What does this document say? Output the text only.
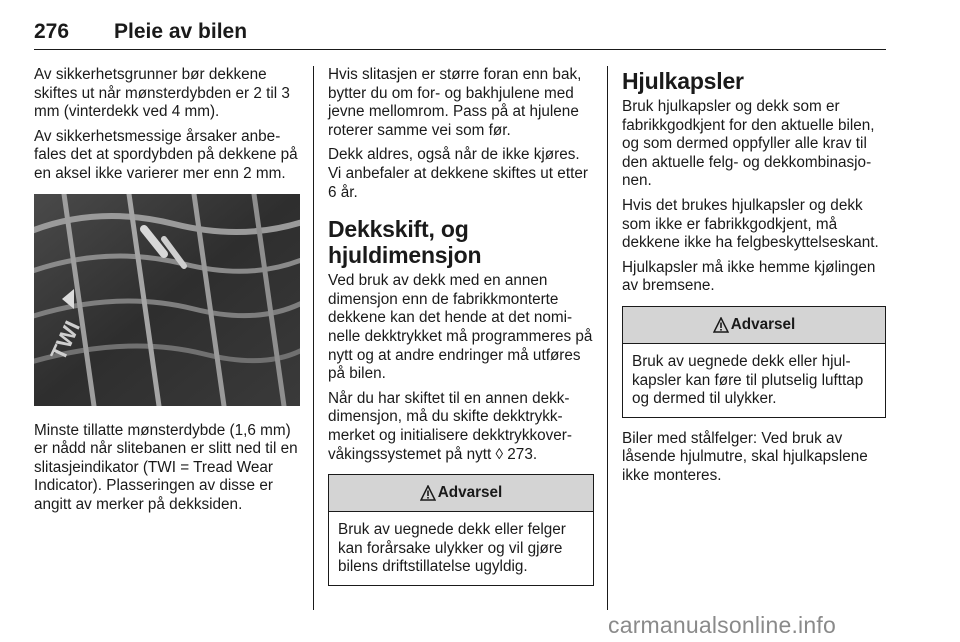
276 Pleie av bilen

Av sikkerhetsgrunner bør dekkene skiftes ut når mønsterdybden er 2 til 3 mm (vinterdekk ved 4 mm).

Av sikkerhetsmessige årsaker anbefales det at spordybden på dekkene på en aksel ikke varierer mer enn 2 mm.

TWI

Minste tillatte mønsterdybde (1,6 mm) er nådd når slitebanen er slitt ned til en slitasjeindikator (TWI = Tread Wear Indicator). Plasseringen av disse er angitt av merker på dekksiden.

Hvis slitasjen er større foran enn bak, bytter du om for- og bakhjulene med jevne mellomrom. Pass på at hjulene roterer samme vei som før.

Dekk aldres, også når de ikke kjøres. Vi anbefaler at dekkene skiftes ut etter 6 år.

Dekkskift, og hjuldimensjon

Ved bruk av dekk med en annen dimensjon enn de fabrikkmonterte dekkene kan det hende at det nominelle dekktrykket må programmeres på nytt og at andre endringer må utføres på bilen.

Når du har skiftet til en annen dekkdimensjon, må du skifte dekktrykkmerket og initialisere dekktrykkovervåkingssystemet på nytt ◊ 273.

Advarsel
Bruk av uegnede dekk eller felger kan forårsake ulykker og vil gjøre bilens driftstillatelse ugyldig.
Hjulkapsler

Bruk hjulkapsler og dekk som er fabrikkgodkjent for den aktuelle bilen, og som dermed oppfyller alle krav til den aktuelle felg- og dekkombinasjonen.

Hvis det brukes hjulkapsler og dekk som ikke er fabrikkgodkjent, må dekkene ikke ha felgbeskyttelseskant.

Hjulkapsler må ikke hemme kjølingen av bremsene.

Advarsel
Bruk av uegnede dekk eller hjulkapsler kan føre til plutselig lufttap og dermed til ulykker.

Biler med stålfelger: Ved bruk av låsende hjulmutre, skal hjulkapslene ikke monteres.

carmanualsonline.info
